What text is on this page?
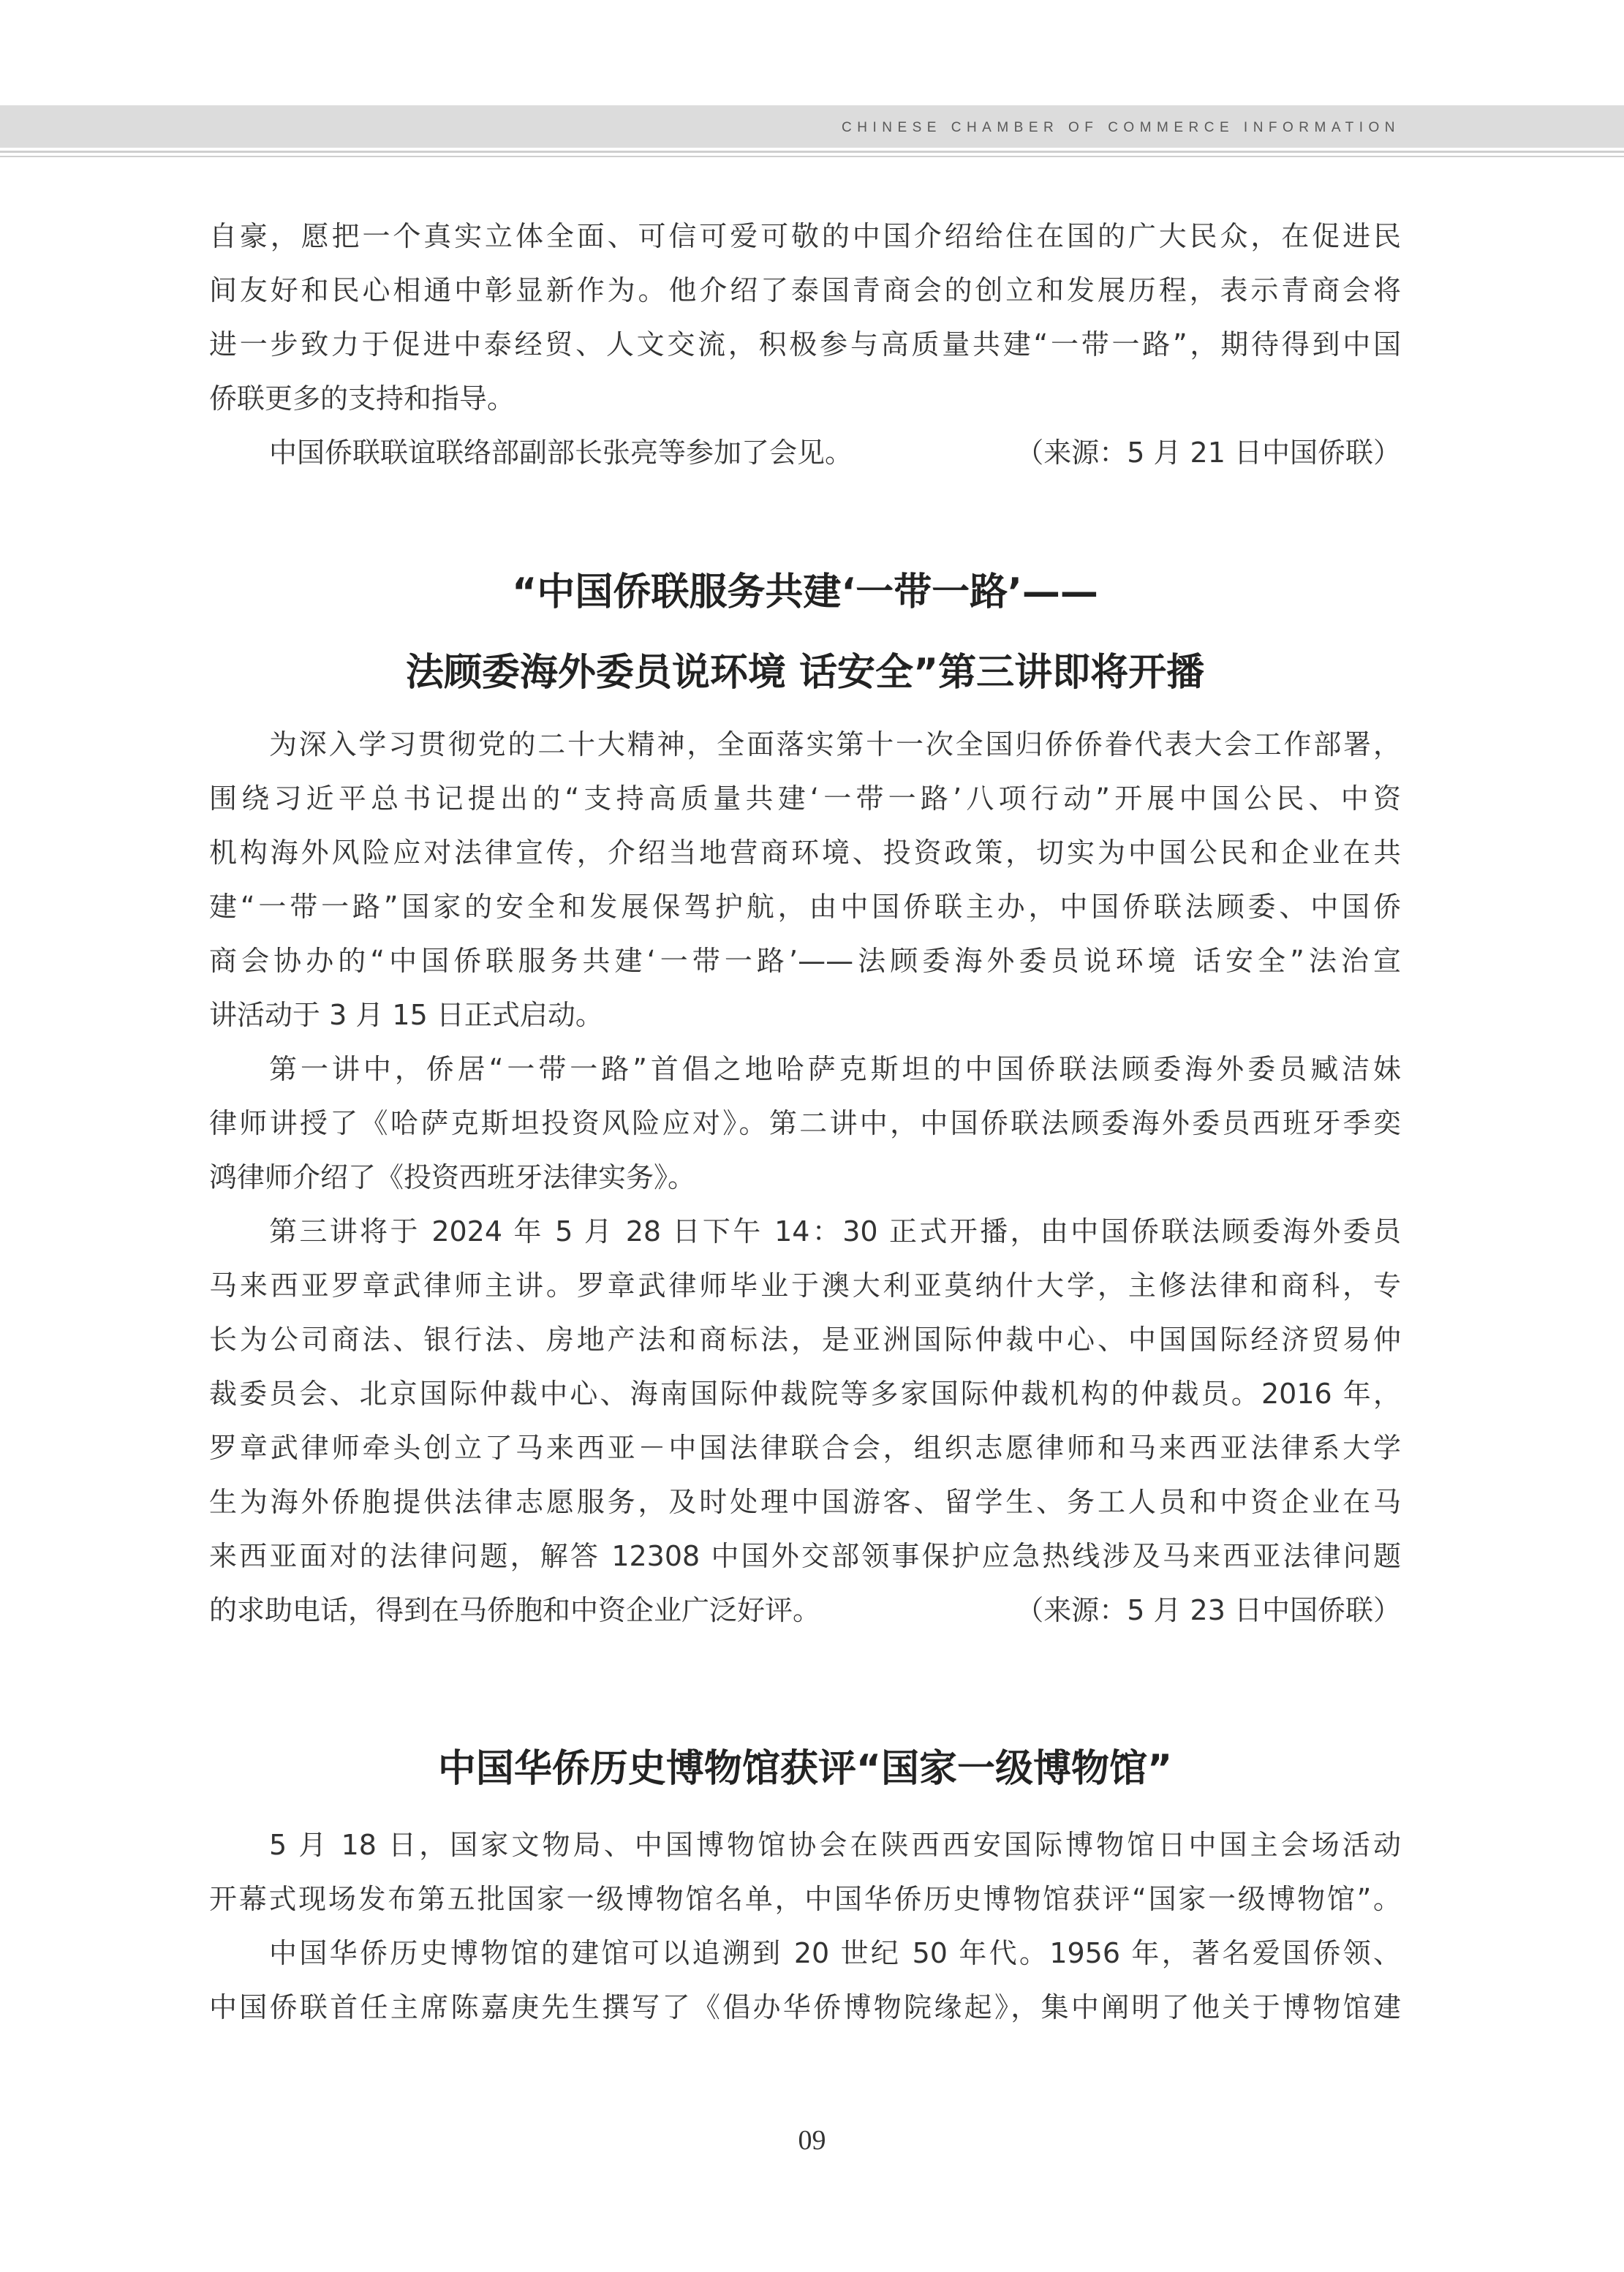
CHINESE CHAMBER OF COMMERCE INFORMATION

自豪，愿把一个真实立体全面、可信可爱可敬的中国介绍给住在国的广大民众，在促进民
间友好和民心相通中彰显新作为。他介绍了泰国青商会的创立和发展历程，表示青商会将
进一步致力于促进中泰经贸、人文交流，积极参与高质量共建“一带一路”，期待得到中国
侨联更多的支持和指导。

中国侨联联谊联络部副部长张亮等参加了会见。	（来源：5 月 21 日中国侨联）
“中国侨联服务共建‘一带一路’——
法顾委海外委员说环境 话安全”第三讲即将开播

为深入学习贯彻党的二十大精神，全面落实第十一次全国归侨侨眷代表大会工作部署，
围绕习近平总书记提出的“支持高质量共建‘一带一路’八项行动”开展中国公民、中资
机构海外风险应对法律宣传，介绍当地营商环境、投资政策，切实为中国公民和企业在共
建“一带一路”国家的安全和发展保驾护航，由中国侨联主办，中国侨联法顾委、中国侨
商会协办的“中国侨联服务共建‘一带一路’——法顾委海外委员说环境 话安全”法治宣
讲活动于 3 月 15 日正式启动。

第一讲中，侨居“一带一路”首倡之地哈萨克斯坦的中国侨联法顾委海外委员臧洁妹
律师讲授了《哈萨克斯坦投资风险应对》。第二讲中，中国侨联法顾委海外委员西班牙季奕
鸿律师介绍了《投资西班牙法律实务》。

第三讲将于 2024 年 5 月 28 日下午 14：30 正式开播，由中国侨联法顾委海外委员
马来西亚罗章武律师主讲。罗章武律师毕业于澳大利亚莫纳什大学，主修法律和商科，专
长为公司商法、银行法、房地产法和商标法，是亚洲国际仲裁中心、中国国际经济贸易仲
裁委员会、北京国际仲裁中心、海南国际仲裁院等多家国际仲裁机构的仲裁员。2016 年，
罗章武律师牵头创立了马来西亚－中国法律联合会，组织志愿律师和马来西亚法律系大学
生为海外侨胞提供法律志愿服务，及时处理中国游客、留学生、务工人员和中资企业在马
来西亚面对的法律问题，解答 12308 中国外交部领事保护应急热线涉及马来西亚法律问题

的求助电话，得到在马侨胞和中资企业广泛好评。	（来源：5 月 23 日中国侨联）
中国华侨历史博物馆获评“国家一级博物馆”

5 月 18 日，国家文物局、中国博物馆协会在陕西西安国际博物馆日中国主会场活动
开幕式现场发布第五批国家一级博物馆名单，中国华侨历史博物馆获评“国家一级博物馆”。

中国华侨历史博物馆的建馆可以追溯到 20 世纪 50 年代。1956 年，著名爱国侨领、
中国侨联首任主席陈嘉庚先生撰写了《倡办华侨博物院缘起》，集中阐明了他关于博物馆建

09
